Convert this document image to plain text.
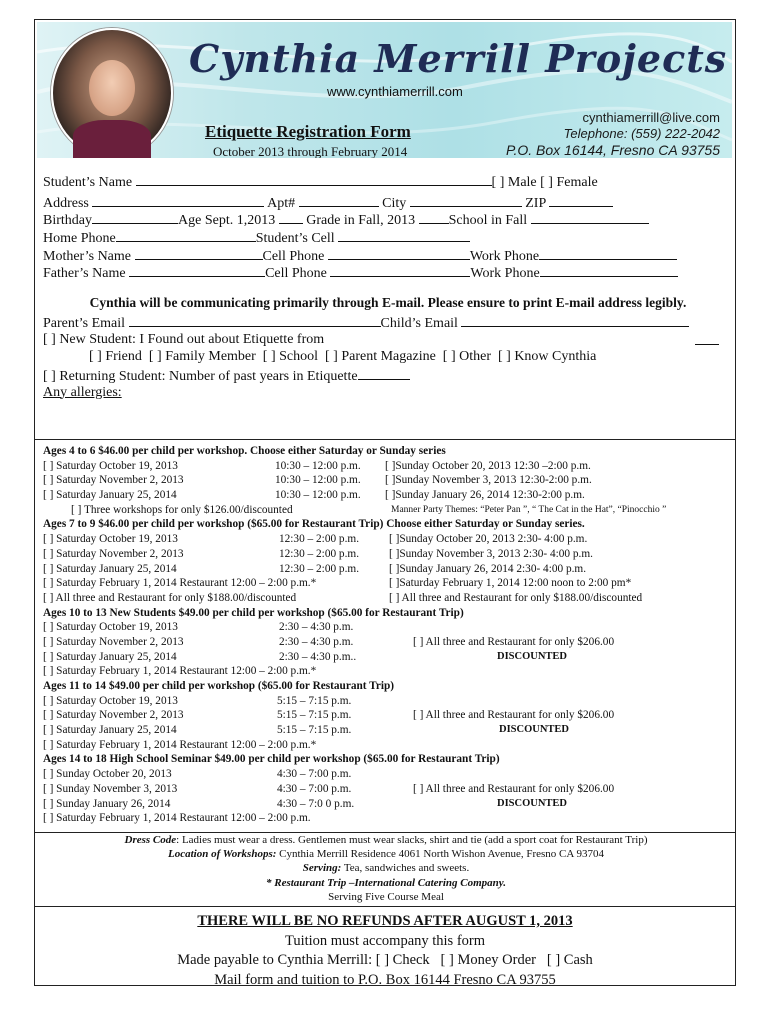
Cynthia Merrill Projects
www.cynthiamerrill.com
Etiquette Registration Form
October 2013 through February 2014
cynthiamerrill@live.com
Telephone: (559) 222-2042
P.O. Box 16144, Fresno CA 93755
Student’s Name	[ ] Male [ ] Female
Address	Apt#	City	ZIP
Birthday	Age Sept. 1,2013 Grade in Fall, 2013 School in Fall
Home Phone	Student’s Cell
Mother’s Name	Cell Phone	Work Phone
Father’s Name	Cell Phone	Work Phone
Cynthia will be communicating primarily through E-mail. Please ensure to print E-mail address legibly.
Parent’s Email	Child’s Email
[ ] New Student: I Found out about Etiquette from
[ ] Friend  [ ] Family Member  [ ] School  [ ] Parent Magazine  [ ] Other  [ ] Know Cynthia
[ ] Returning Student: Number of past years in Etiquette
Any allergies:
Ages 4 to 6 $46.00 per child per workshop. Choose either Saturday or Sunday series
[ ] Saturday October 19, 2013	10:30 – 12:00 p.m. [ ]Sunday October 20, 2013 12:30 –2:00 p.m.
[ ] Saturday November 2, 2013	10:30 – 12:00 p.m. [ ]Sunday November 3, 2013 12:30-2:00 p.m.
[ ] Saturday January 25, 2014	10:30 – 12:00 p.m. [ ]Sunday January 26, 2014 12:30-2:00 p.m.
[ ] Three workshops for only $126.00/discounted	Manner Party Themes: “Peter Pan ”, “ The Cat in the Hat”, “Pinocchio ”
Ages 7 to 9 $46.00 per child per workshop ($65.00 for Restaurant Trip) Choose either Saturday or Sunday series.
[ ] Saturday October 19, 2013	12:30 – 2:00 p.m.	[ ]Sunday October 20, 2013 2:30- 4:00 p.m.
[ ] Saturday November 2, 2013	12:30 – 2:00 p.m.	[ ]Sunday November 3, 2013 2:30- 4:00 p.m.
[ ] Saturday January 25, 2014	12:30 – 2:00 p.m.	[ ]Sunday January 26, 2014 2:30- 4:00 p.m.
[ ] Saturday February 1, 2014 Restaurant 12:00 – 2:00 p.m.*	[ ]Saturday February 1, 2014 12:00 noon to 2:00 pm*
[ ] All three and Restaurant for only $188.00/discounted	[ ] All three and Restaurant for only $188.00/discounted
Ages 10 to 13 New Students $49.00 per child per workshop ($65.00 for Restaurant Trip)
[ ] Saturday October 19, 2013	2:30 – 4:30 p.m.
[ ] Saturday November 2, 2013	2:30 – 4:30 p.m.	[ ] All three and Restaurant for only $206.00
[ ] Saturday January 25, 2014	2:30 – 4:30 p.m..	DISCOUNTED
[ ] Saturday February 1, 2014 Restaurant 12:00 – 2:00 p.m.*
Ages 11 to 14 $49.00 per child per workshop ($65.00 for Restaurant Trip)
[ ] Saturday October 19, 2013	5:15 – 7:15 p.m.
[ ] Saturday November 2, 2013	5:15 – 7:15 p.m.	[ ] All three and Restaurant for only $206.00
[ ] Saturday January 25, 2014	5:15 – 7:15 p.m.	DISCOUNTED
[ ] Saturday February 1, 2014 Restaurant 12:00 – 2:00 p.m.*
Ages 14 to 18 High School Seminar $49.00 per child per workshop ($65.00 for Restaurant Trip)
[ ] Sunday October 20, 2013	4:30 – 7:00 p.m.
[ ] Sunday November 3, 2013	4:30 – 7:00 p.m.	[ ] All three and Restaurant for only $206.00
[ ] Sunday January 26, 2014	4:30 – 7:0 0 p.m.	DISCOUNTED
[ ] Saturday February 1, 2014 Restaurant 12:00 – 2:00 p.m.
Dress Code: Ladies must wear a dress. Gentlemen must wear slacks, shirt and tie (add a sport coat for Restaurant Trip)
Location of Workshops: Cynthia Merrill Residence 4061 North Wishon Avenue, Fresno CA 93704
Serving: Tea, sandwiches and sweets.
* Restaurant Trip –International Catering Company.
Serving Five Course Meal
THERE WILL BE NO REFUNDS AFTER AUGUST 1, 2013
Tuition must accompany this form
Made payable to Cynthia Merrill: [ ] Check   [ ] Money Order   [ ] Cash
Mail form and tuition to P.O. Box 16144 Fresno CA 93755
